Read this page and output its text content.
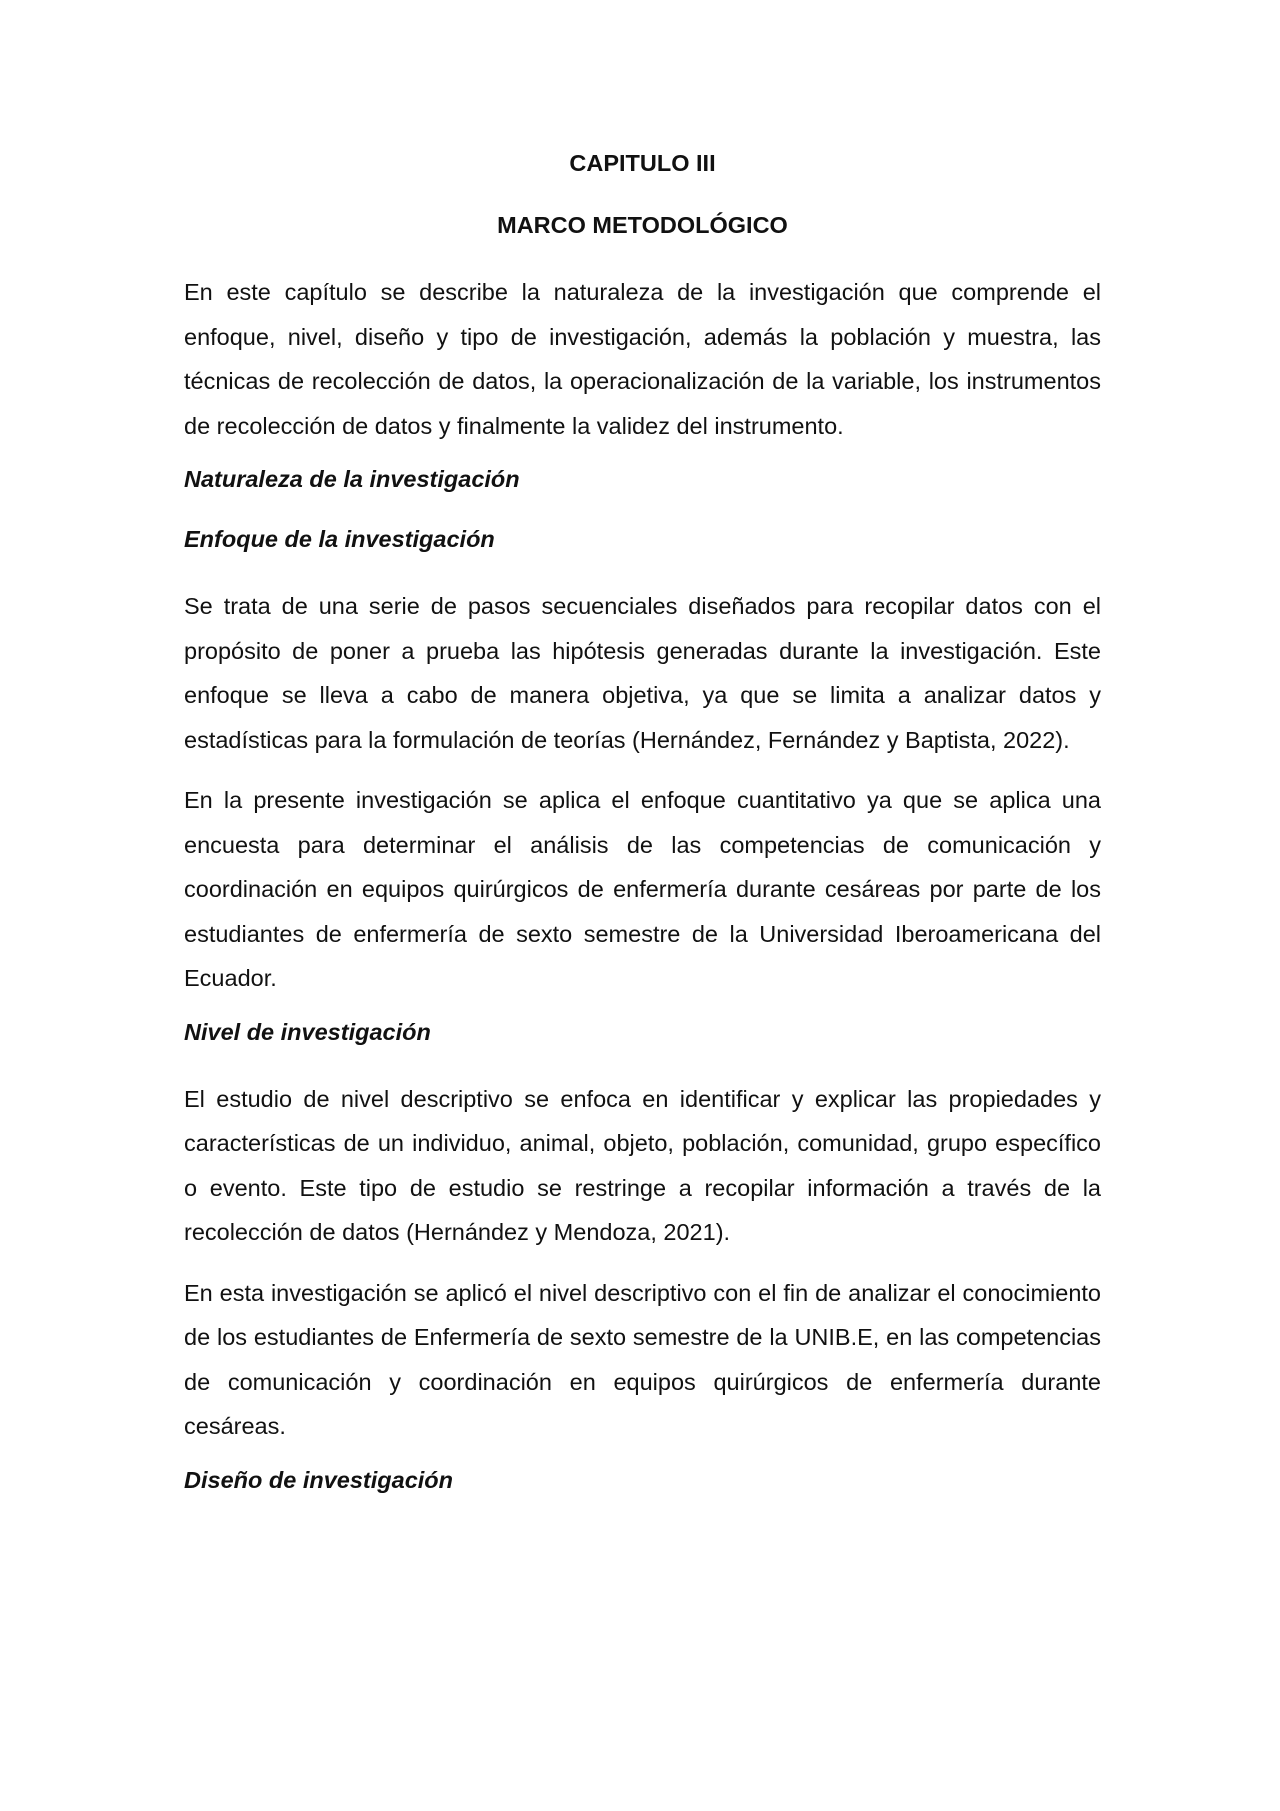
CAPITULO III

MARCO METODOLÓGICO

En este capítulo se describe la naturaleza de la investigación que comprende el enfoque, nivel, diseño y tipo de investigación, además la población y muestra, las técnicas de recolección de datos, la operacionalización de la variable, los instrumentos de recolección de datos y finalmente la validez del instrumento.

Naturaleza de la investigación

Enfoque de la investigación

Se trata de una serie de pasos secuenciales diseñados para recopilar datos con el propósito de poner a prueba las hipótesis generadas durante la investigación. Este enfoque se lleva a cabo de manera objetiva, ya que se limita a analizar datos y estadísticas para la formulación de teorías (Hernández, Fernández y Baptista, 2022).

En la presente investigación se aplica el enfoque cuantitativo ya que se aplica una encuesta para determinar el análisis de las competencias de comunicación y coordinación en equipos quirúrgicos de enfermería durante cesáreas por parte de los estudiantes de enfermería de sexto semestre de la Universidad Iberoamericana del Ecuador.

Nivel de investigación

El estudio de nivel descriptivo se enfoca en identificar y explicar las propiedades y características de un individuo, animal, objeto, población, comunidad, grupo específico o evento. Este tipo de estudio se restringe a recopilar información a través de la recolección de datos (Hernández y Mendoza, 2021).

En esta investigación se aplicó el nivel descriptivo con el fin de analizar el conocimiento de los estudiantes de Enfermería de sexto semestre de la UNIB.E, en las competencias de comunicación y coordinación en equipos quirúrgicos de enfermería durante cesáreas.

Diseño de investigación
